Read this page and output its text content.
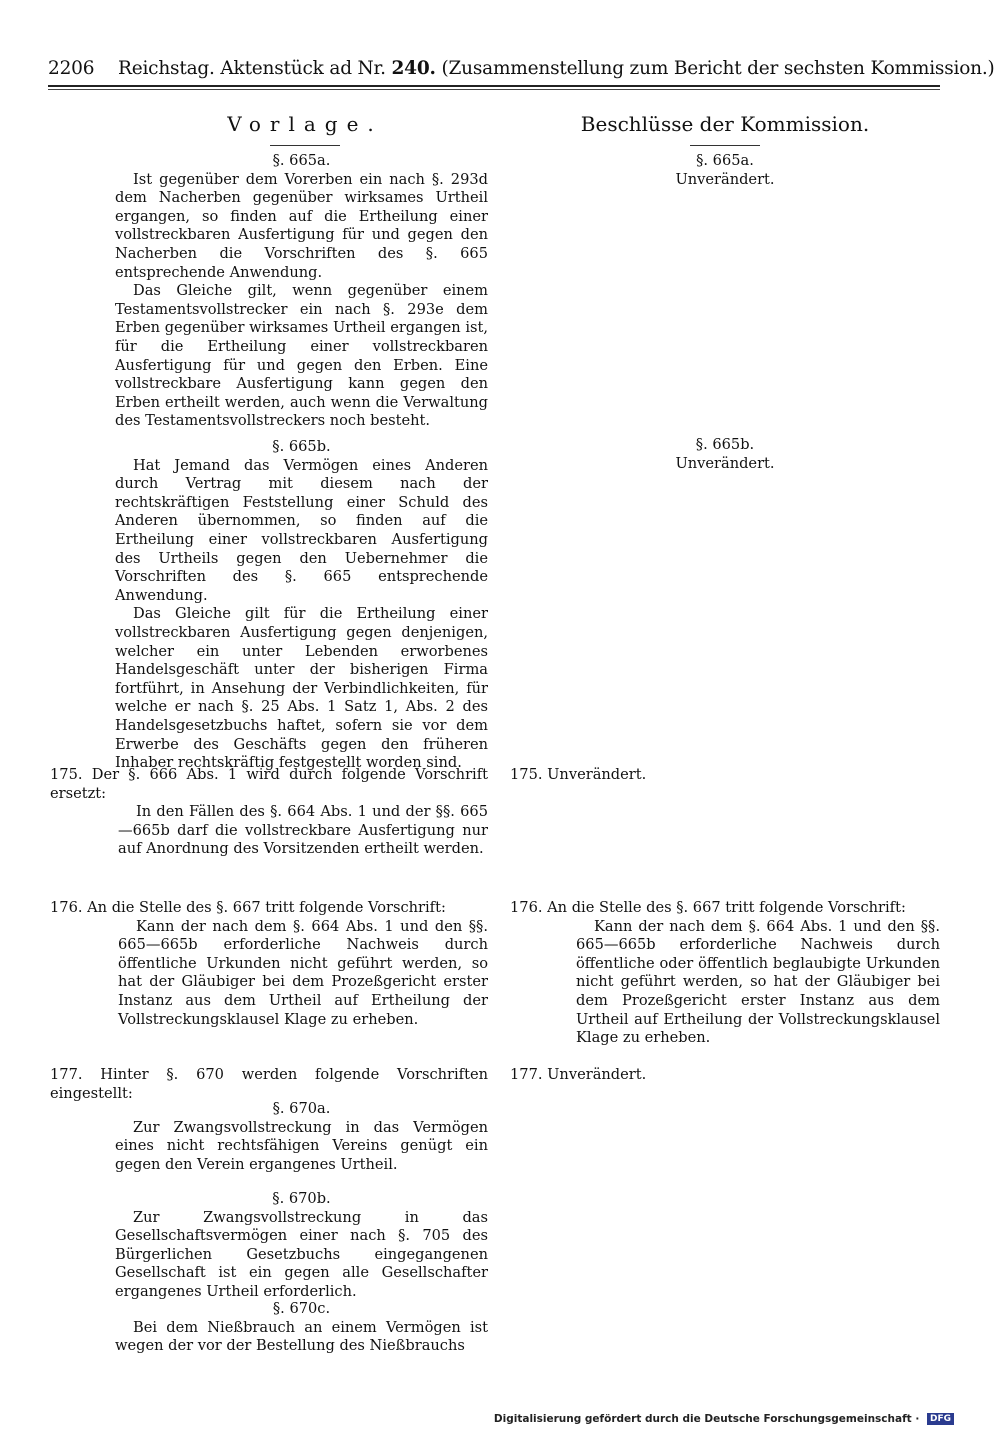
2206 Reichstag. Aktenstück ad Nr. 240. (Zusammenstellung zum Bericht der sechsten Kommission.)
Vorlage.	Beschlüsse der Kommission.
§. 665a.

Ist gegenüber dem Vorerben ein nach §. 293d dem Nacherben gegenüber wirksames Urtheil ergangen, so finden auf die Ertheilung einer vollstreckbaren Ausfertigung für und gegen den Nacherben die Vorschriften des §. 665 entsprechende Anwendung.

Das Gleiche gilt, wenn gegenüber einem Testamentsvollstrecker ein nach §. 293e dem Erben gegenüber wirksames Urtheil ergangen ist, für die Ertheilung einer vollstreckbaren Ausfertigung für und gegen den Erben. Eine vollstreckbare Ausfertigung kann gegen den Erben ertheilt werden, auch wenn die Verwaltung des Testamentsvollstreckers noch besteht.

§. 665b.

Hat Jemand das Vermögen eines Anderen durch Vertrag mit diesem nach der rechtskräftigen Feststellung einer Schuld des Anderen übernommen, so finden auf die Ertheilung einer vollstreckbaren Ausfertigung des Urtheils gegen den Uebernehmer die Vorschriften des §. 665 entsprechende Anwendung.

Das Gleiche gilt für die Ertheilung einer vollstreckbaren Ausfertigung gegen denjenigen, welcher ein unter Lebenden erworbenes Handelsgeschäft unter der bisherigen Firma fortführt, in Ansehung der Verbindlichkeiten, für welche er nach §. 25 Abs. 1 Satz 1, Abs. 2 des Handelsgesetzbuchs haftet, sofern sie vor dem Erwerbe des Geschäfts gegen den früheren Inhaber rechtskräftig festgestellt worden sind.

175. Der §. 666 Abs. 1 wird durch folgende Vorschrift ersetzt:

In den Fällen des §. 664 Abs. 1 und der §§. 665—665b darf die vollstreckbare Ausfertigung nur auf Anordnung des Vorsitzenden ertheilt werden.

176. An die Stelle des §. 667 tritt folgende Vorschrift:

Kann der nach dem §. 664 Abs. 1 und den §§. 665—665b erforderliche Nachweis durch öffentliche Urkunden nicht geführt werden, so hat der Gläubiger bei dem Prozeßgericht erster Instanz aus dem Urtheil auf Ertheilung der Vollstreckungsklausel Klage zu erheben.

177. Hinter §. 670 werden folgende Vorschriften eingestellt:
§. 670a.

Zur Zwangsvollstreckung in das Vermögen eines nicht rechtsfähigen Vereins genügt ein gegen den Verein ergangenes Urtheil.

§. 670b.

Zur Zwangsvollstreckung in das Gesellschaftsvermögen einer nach §. 705 des Bürgerlichen Gesetzbuchs eingegangenen Gesellschaft ist ein gegen alle Gesellschafter ergangenes Urtheil erforderlich.

§. 670c.

Bei dem Nießbrauch an einem Vermögen ist wegen der vor der Bestellung des Nießbrauchs

§. 665a.
Unverändert.
§. 665b.
Unverändert.
175. Unverändert.
176. An die Stelle des §. 667 tritt folgende Vorschrift:

Kann der nach dem §. 664 Abs. 1 und den §§. 665—665b erforderliche Nachweis durch öffentliche oder öffentlich beglaubigte Urkunden nicht geführt werden, so hat der Gläubiger bei dem Prozeßgericht erster Instanz aus dem Urtheil auf Ertheilung der Vollstreckungsklausel Klage zu erheben.

177. Unverändert.
Digitalisierung gefördert durch die Deutsche Forschungsgemeinschaft · DFG
